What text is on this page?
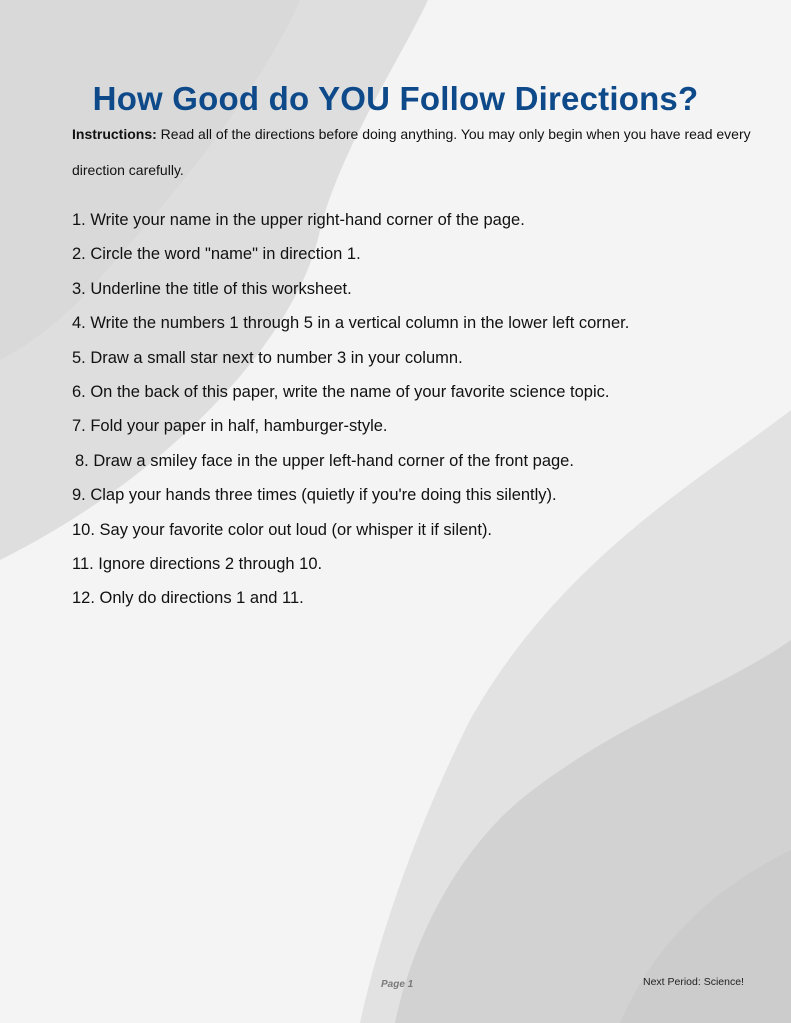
How Good do YOU Follow Directions?

Instructions: Read all of the directions before doing anything. You may only begin when you have read every direction carefully.

1. Write your name in the upper right-hand corner of the page.
2. Circle the word "name" in direction 1.
3. Underline the title of this worksheet.
4. Write the numbers 1 through 5 in a vertical column in the lower left corner.
5. Draw a small star next to number 3 in your column.
6. On the back of this paper, write the name of your favorite science topic.
7. Fold your paper in half, hamburger-style.
8. Draw a smiley face in the upper left-hand corner of the front page.
9. Clap your hands three times (quietly if you're doing this silently).
10. Say your favorite color out loud (or whisper it if silent).
11. Ignore directions 2 through 10.
12. Only do directions 1 and 11.
Page 1	Next Period: Science!
